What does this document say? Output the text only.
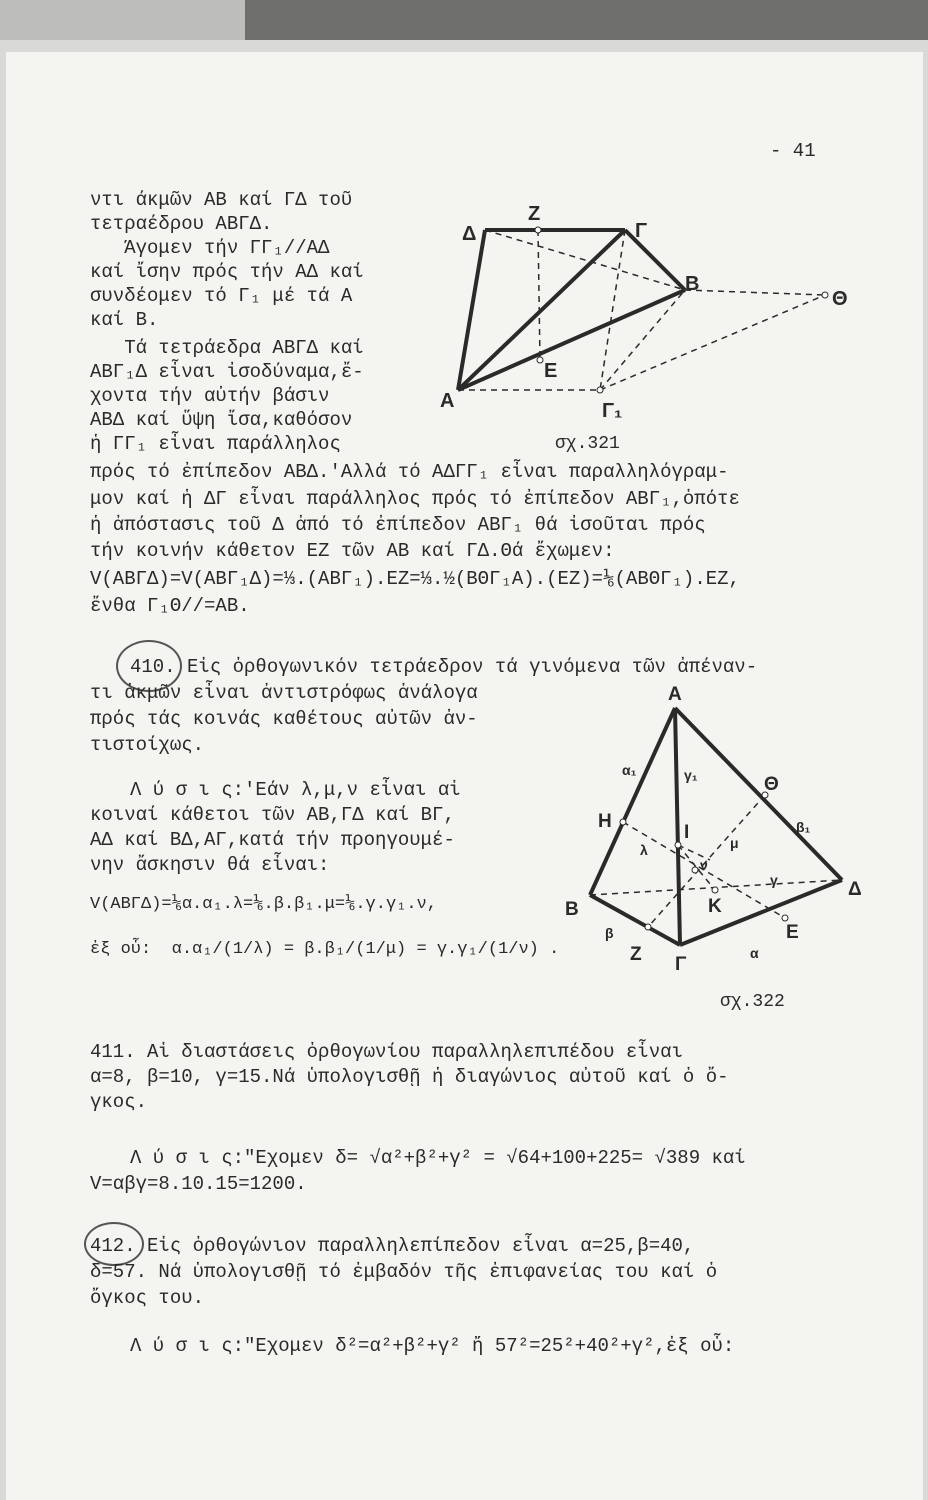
- 41
ντι άκμῶν ΑΒ καί ΓΔ τοῦ
τετραέδρου ΑΒΓΔ.
Άγομεν τήν ΓΓ₁//ΑΔ
καί ἴσην πρός τήν ΑΔ καί
συνδέομεν τό Γ₁ μέ τά Α
καί Β.
Τά τετράεδρα ΑΒΓΔ καί
ΑΒΓ₁Δ εἶναι ἰσοδύναμα,ἔ-
χοντα τήν αὐτήν βάσιν
ΑΒΔ καί ὕψη ἴσα,καθόσον
ἡ ΓΓ₁ εἶναι παράλληλος	σχ.321
πρός τό ἐπίπεδον ΑΒΔ.'Αλλά τό ΑΔΓΓ₁ εἶναι παραλληλόγραμ-
μον καί ἡ ΔΓ εἶναι παράλληλος πρός τό ἐπίπεδον ΑΒΓ₁,ὁπότε
ἡ ἀπόστασις τοῦ Δ ἀπό τό ἐπίπεδον ΑΒΓ₁ θά ἰσοῦται πρός
τήν κοινήν κάθετον ΕΖ τῶν ΑΒ καί ΓΔ.Θά ἔχωμεν:
V(ΑΒΓΔ)=V(ΑΒΓ₁Δ)=⅓.(ΑΒΓ₁).ΕΖ=⅓.½(ΒΘΓ₁Α).(ΕΖ)=⅙(ΑΒΘΓ₁).ΕΖ,
ἔνθα Γ₁Θ//=ΑΒ.
410. Εἰς ὀρθογωνικόν τετράεδρον τά γινόμενα τῶν ἀπέναν-
τι ἀκμῶν εἶναι ἀντιστρόφως ἀνάλογα
πρός τάς κοινάς καθέτους αὐτῶν ἀν-
τιστοίχως.
Λ ύ σ ι ς:'Εάν λ,μ,ν εἶναι αἱ
κοιναί κάθετοι τῶν ΑΒ,ΓΔ καί ΒΓ,
ΑΔ καί ΒΔ,ΑΓ,κατά τήν προηγουμέ-
νην ἄσκησιν θά εἶναι:
V(ΑΒΓΔ)=⅙α.α₁.λ=⅙.β.β₁.μ=⅙.γ.γ₁.ν,
ἐξ οὗ:  α.α₁/(1/λ) = β.β₁/(1/μ) = γ.γ₁/(1/ν) .
σχ.322
411. Αἱ διαστάσεις ὀρθογωνίου παραλληλεπιπέδου εἶναι
α=8, β=10, γ=15.Νά ὑπολογισθῇ ἡ διαγώνιος αὐτοῦ καί ὁ ὄ-
γκος.
Λ ύ σ ι ς:"Εχομεν δ= √α²+β²+γ² = √64+100+225= √389 καί
V=αβγ=8.10.15=1200.
412. Εἰς ὀρθογώνιον παραλληλεπίπεδον εἶναι α=25,β=40,
δ=57. Νά ὑπολογισθῇ τό ἐμβαδόν τῆς ἐπιφανείας του καί ὁ
ὄγκος του.
Λ ύ σ ι ς:"Εχομεν δ²=α²+β²+γ² ἤ 57²=25²+40²+γ²,ἐξ οὗ:
Δ
Ζ
Γ
Β
Θ
Ε
Α	Γ₁
Α
α₁	γ₁	Θ
Η	β₁
λ
Ι	μ
ν
γ	Δ
Κ
Β
Ε
β
Ζ	α
Γ
